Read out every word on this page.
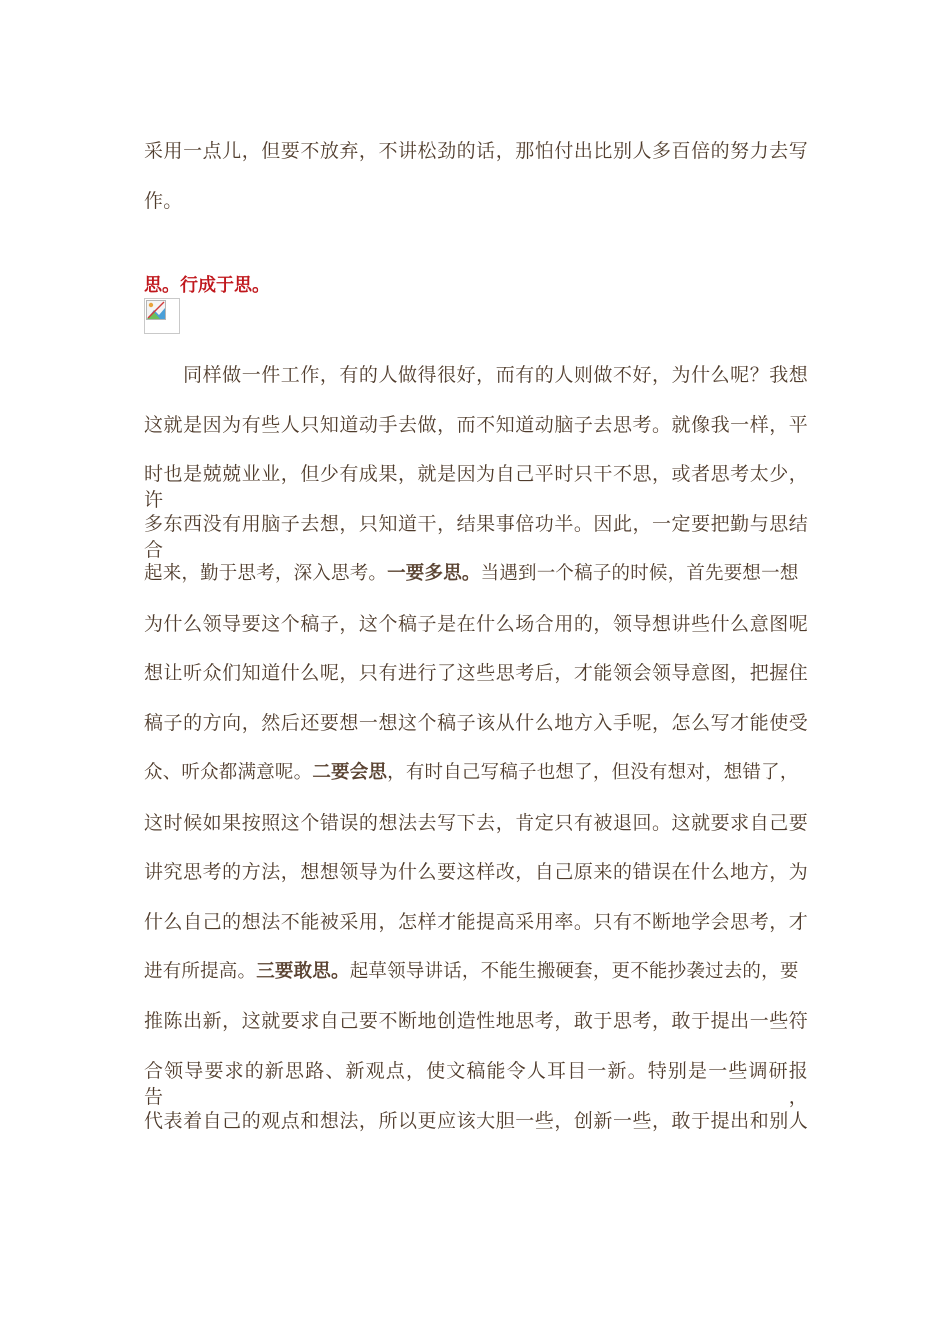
采用一点儿，但要不放弃，不讲松劲的话，那怕付出比别人多百倍的努力去写
作。
思。行成于思。
　　同样做一件工作，有的人做得很好，而有的人则做不好，为什么呢？我想
这就是因为有些人只知道动手去做，而不知道动脑子去思考。就像我一样，平
时也是兢兢业业，但少有成果，就是因为自己平时只干不思，或者思考太少，许
多东西没有用脑子去想，只知道干，结果事倍功半。因此，一定要把勤与思结合
起来，勤于思考，深入思考。一要多思。当遇到一个稿子的时候，首先要想一想
为什么领导要这个稿子，这个稿子是在什么场合用的，领导想讲些什么意图呢
想让听众们知道什么呢，只有进行了这些思考后，才能领会领导意图，把握住
稿子的方向，然后还要想一想这个稿子该从什么地方入手呢，怎么写才能使受
众、听众都满意呢。二要会思，有时自己写稿子也想了，但没有想对，想错了，
这时候如果按照这个错误的想法去写下去，肯定只有被退回。这就要求自己要
讲究思考的方法，想想领导为什么要这样改，自己原来的错误在什么地方，为
什么自己的想法不能被采用，怎样才能提高采用率。只有不断地学会思考，才
进有所提高。三要敢思。起草领导讲话，不能生搬硬套，更不能抄袭过去的，要
推陈出新，这就要求自己要不断地创造性地思考，敢于思考，敢于提出一些符
合领导要求的新思路、新观点，使文稿能令人耳目一新。特别是一些调研报告，
代表着自己的观点和想法，所以更应该大胆一些，创新一些，敢于提出和别人
